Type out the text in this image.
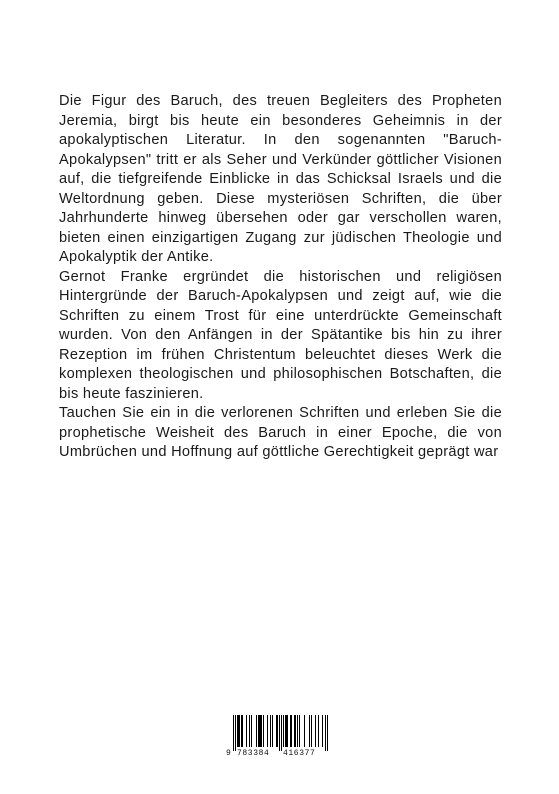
Die Figur des Baruch, des treuen Begleiters des Propheten Jeremia, birgt bis heute ein besonderes Geheimnis in der apokalyptischen Literatur. In den sogenannten "Baruch-Apokalypsen" tritt er als Seher und Verkünder göttlicher Visionen auf, die tiefgreifende Einblicke in das Schicksal Israels und die Weltordnung geben. Diese mysteriösen Schriften, die über Jahrhunderte hinweg übersehen oder gar verschollen waren, bieten einen einzigartigen Zugang zur jüdischen Theologie und Apokalyptik der Antike.

Gernot Franke ergründet die historischen und religiösen Hintergründe der Baruch-Apokalypsen und zeigt auf, wie die Schriften zu einem Trost für eine unterdrückte Gemeinschaft wurden. Von den Anfängen in der Spätantike bis hin zu ihrer Rezeption im frühen Christentum beleuchtet dieses Werk die komplexen theologischen und philosophischen Botschaften, die bis heute faszinieren.

Tauchen Sie ein in die verlorenen Schriften und erleben Sie die prophetische Weisheit des Baruch in einer Epoche, die von Umbrüchen und Hoffnung auf göttliche Gerechtigkeit geprägt war

9 783384 416377
